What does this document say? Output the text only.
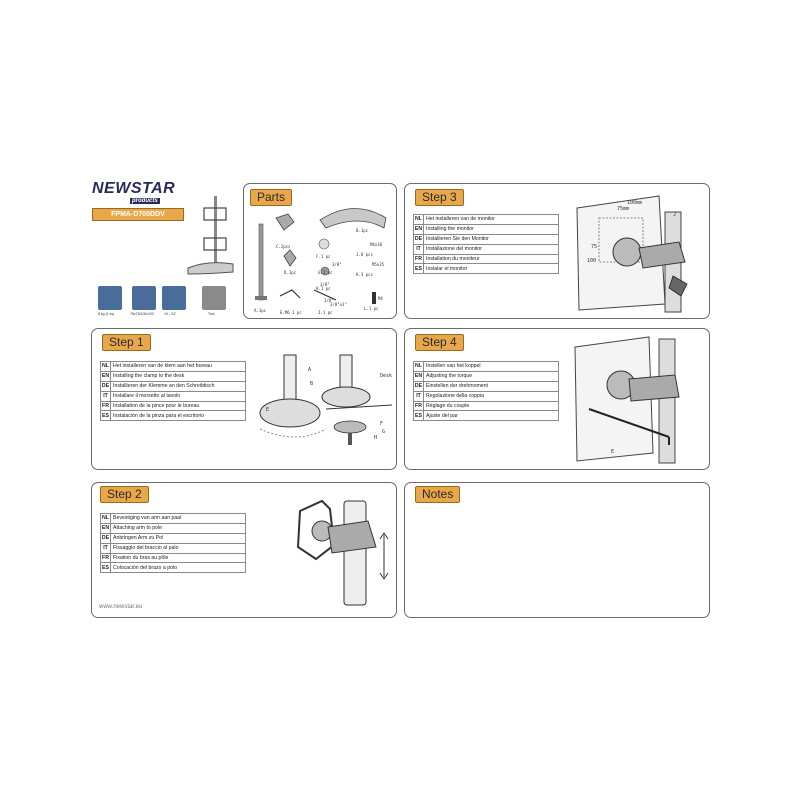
NEWSTAR
products
FPMA-D700DDV
8 kg (1 ks)	75x75/100x100	10 - 24"	Tool
Parts
C.2pcs
B.1pc
D.1pc
F.1 pc
G.1 pc
A.1pc	E.M6 1 pc	I.1 pc
J.8 pcs
K.3 pcs
L.1 pc
H.1 pc
M4x10
M5x35
3/8"
3/8"
3/8"
3/8"x3"
M4
Step 3
NL	Het installeren van de monitor
EN	Installing the monitor
DE	Installieren Sie den Monitor
IT	Installazione del monitor
FR	Installation du moniteur
ES	Instalar el monitor
75mm
100mm
75
100
J
Step 1
NL	Het installeren van de klem aan het bureau
EN	Installing the clamp to the desk
DE	Installieren der Klemme an den Schreibtisch
IT	Installare il morsetto al tavolo
FR	Installation de la pince pour le bureau
ES	Instalación de la pinza para el escritorio
A
B
E
F
G
H
Desk
Step 4
NL	Instellen van het koppel
EN	Adjusting the torque
DE	Einstellen der drehmoment
IT	Regolazione della coppia
FR	Réglage du couple
ES	Ajuste del par
E
Step 2
NL	Bevestiging van arm aan paal
EN	Attaching arm to pole
DE	Anbringen Arm zu Pol
IT	Fissaggio del braccio al palo
FR	Fixation du bras au pôle
ES	Colocación del brazo a polo
www.newstar.eu
Notes
